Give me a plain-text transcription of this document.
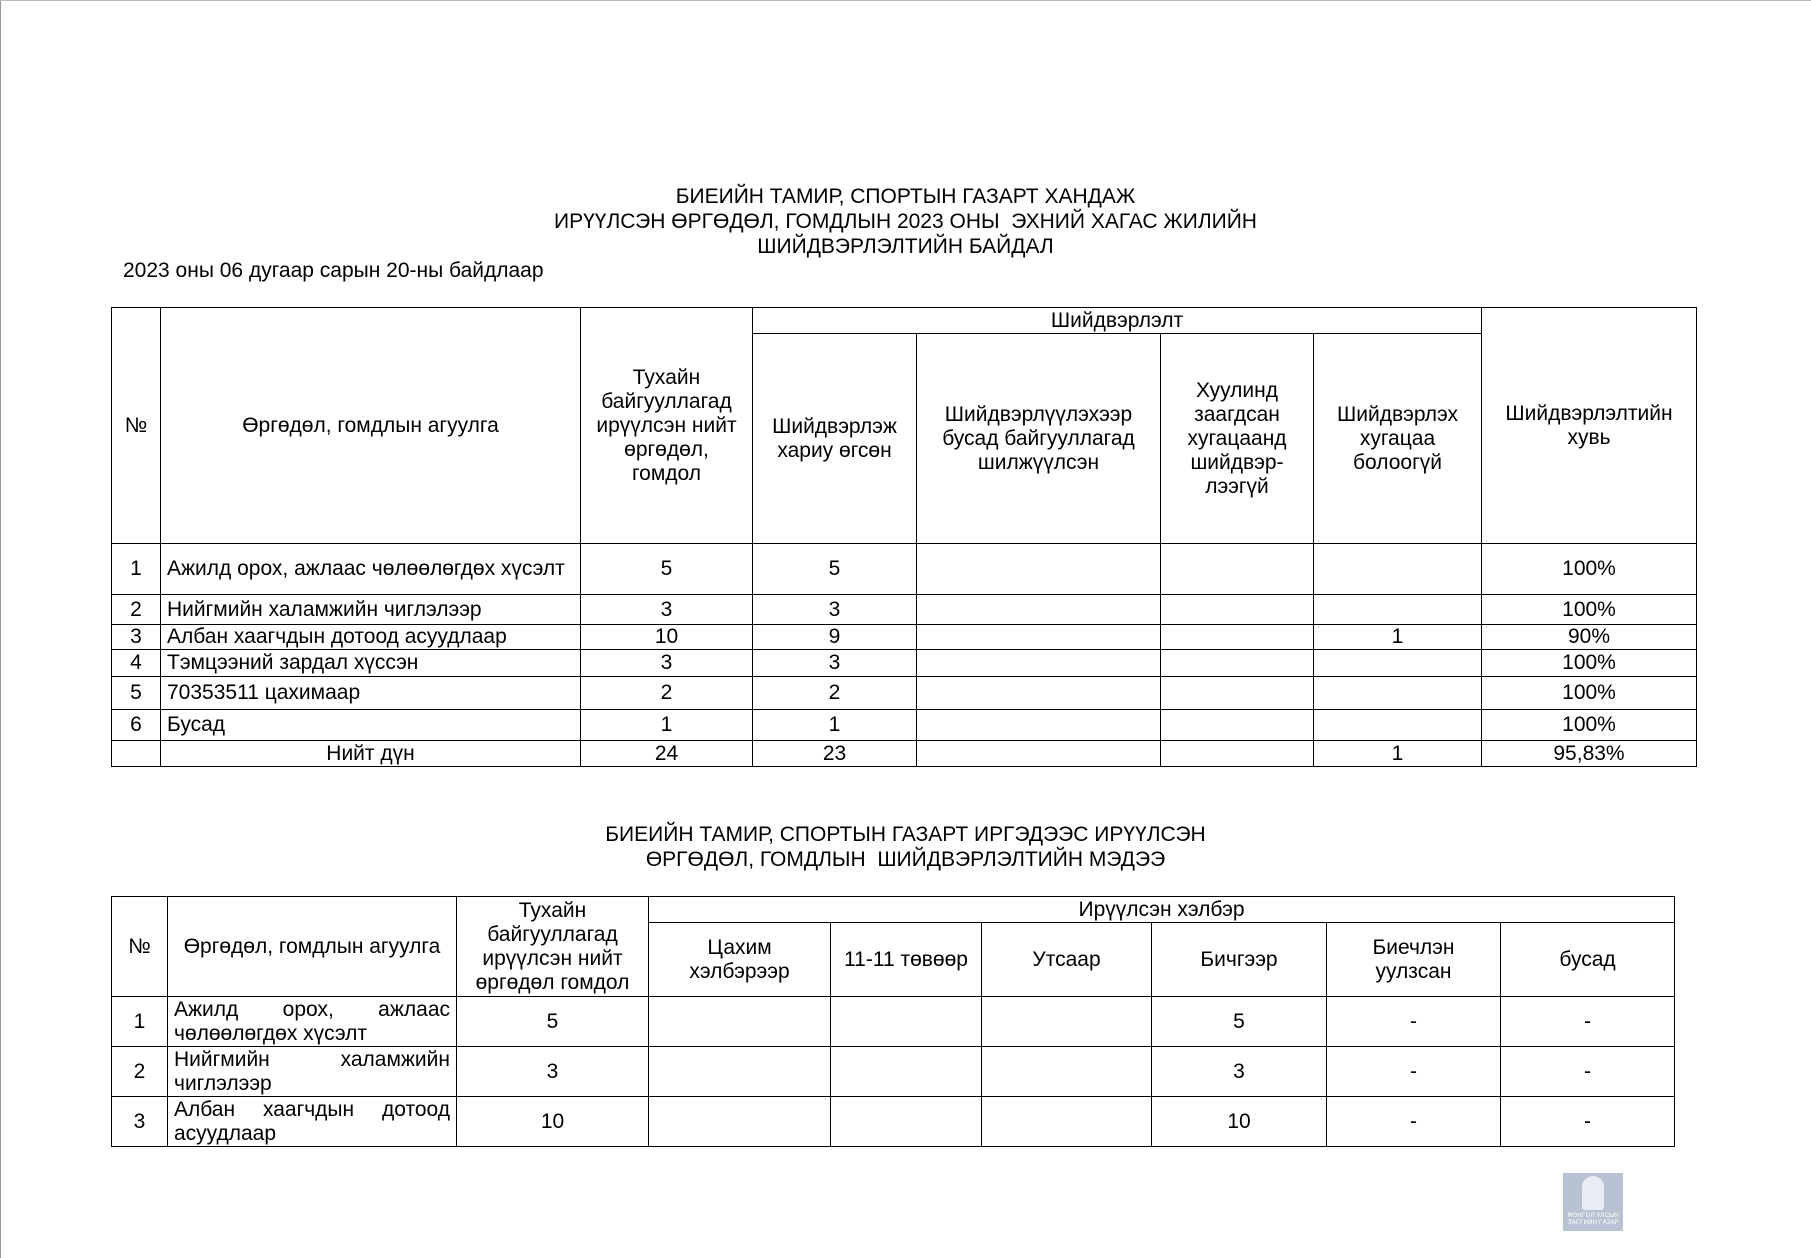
БИЕИЙН ТАМИР, СПОРТЫН ГАЗАРТ ХАНДАЖ
ИРҮҮЛСЭН ӨРГӨДӨЛ, ГОМДЛЫН 2023 ОНЫ  ЭХНИЙ ХАГАС ЖИЛИЙН
ШИЙДВЭРЛЭЛТИЙН БАЙДАЛ
2023 оны 06 дугаар сарын 20-ны байдлаар
№	Өргөдөл, гомдлын агуулга	Тухайн байгууллагад ирүүлсэн нийт өргөдөл, гомдол	Шийдвэрлэлт				Шийдвэрлэлтийн хувь
			Шийдвэрлэж хариу өгсөн	Шийдвэрлүүлэхээр бусад байгууллагад шилжүүлсэн	Хуулинд заагдсан хугацаанд шийдвэр-лээгүй	Шийдвэрлэх хугацаа болоогүй	
1	Ажилд орох, ажлаас чөлөөлөгдөх хүсэлт	5	5				100%
2	Нийгмийн халамжийн чиглэлээр	3	3				100%
3	Албан хаагчдын дотоод асуудлаар	10	9			1	90%
4	Тэмцээний зардал хүссэн	3	3				100%
5	70353511 цахимаар	2	2				100%
6	Бусад	1	1				100%
	Нийт дүн	24	23			1	95,83%
БИЕИЙН ТАМИР, СПОРТЫН ГАЗАРТ ИРГЭДЭЭС ИРҮҮЛСЭН
ӨРГӨДӨЛ, ГОМДЛЫН  ШИЙДВЭРЛЭЛТИЙН МЭДЭЭ
№	Өргөдөл, гомдлын агуулга	Тухайн байгууллагад ирүүлсэн нийт өргөдөл гомдол	Ирүүлсэн хэлбэр					
			Цахим хэлбэрээр	11-11 төвөөр	Утсаар	Бичгээр	Биечлэн уулзсан	бусад
1	Ажилд орох, ажлаас чөлөөлөгдөх хүсэлт	5				5	-	-
2	Нийгмийн халамжийн чиглэлээр	3				3	-	-
3	Албан хаагчдын дотоод асуудлаар	10				10	-	-
МОНГОЛ УЛСЫН
ЗАСГИЙН ГАЗАР
